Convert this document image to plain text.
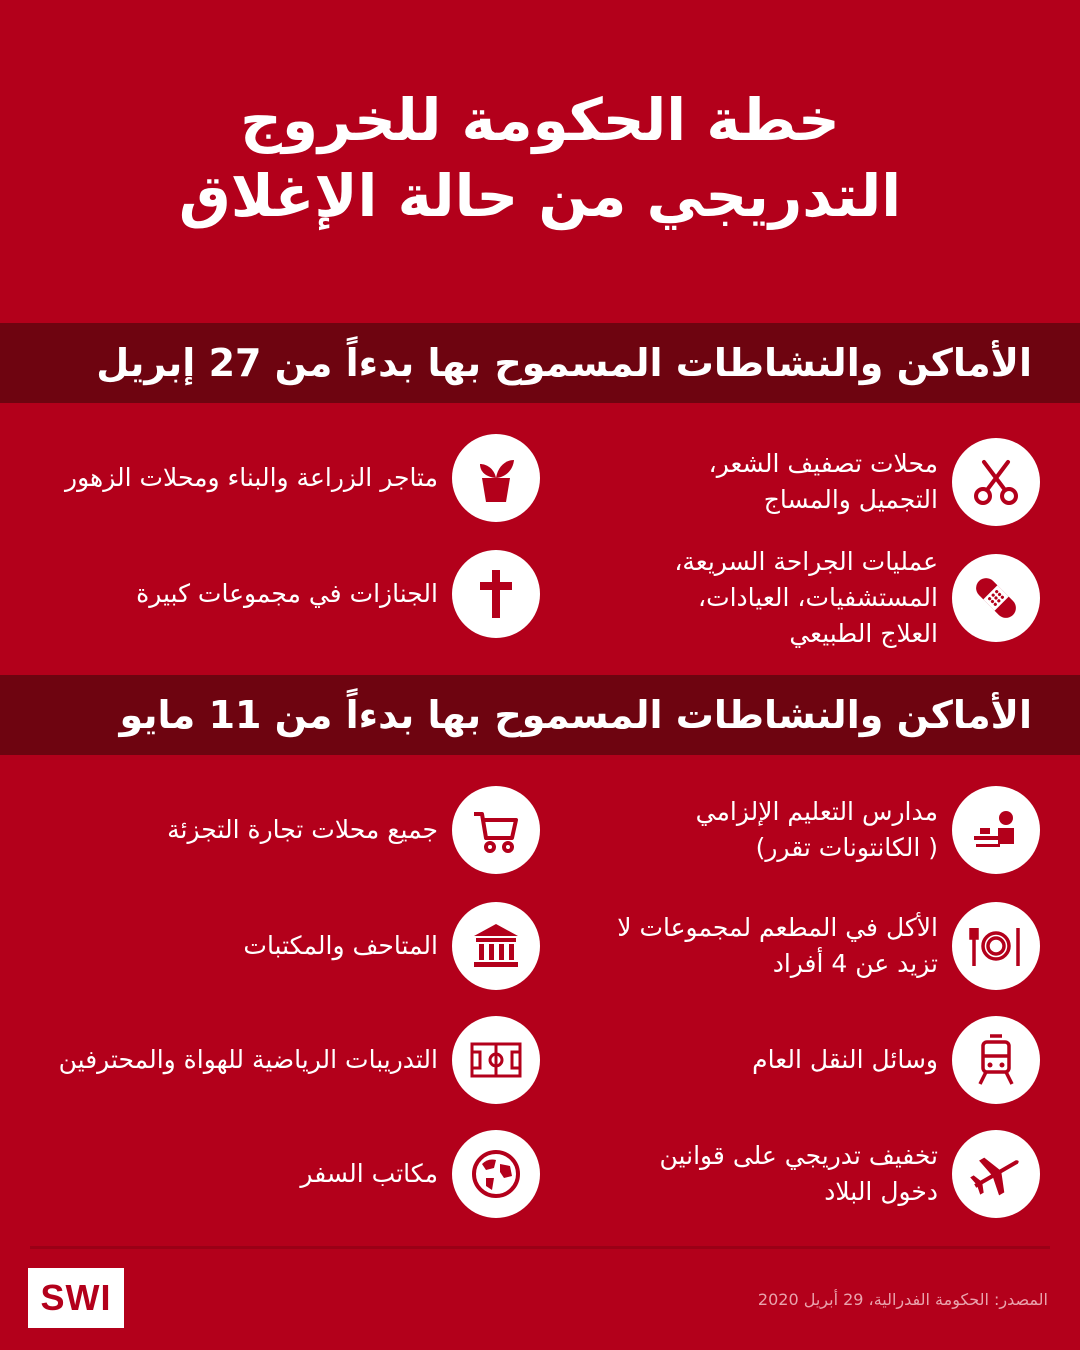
خطة الحكومة للخروج
التدريجي من حالة الإغلاق
الأماكن والنشاطات المسموح بها بدءاً من 27 إبريل
محلات تصفيف الشعر،
التجميل والمساج
متاجر الزراعة والبناء ومحلات الزهور
عمليات الجراحة السريعة،
المستشفيات، العيادات،
العلاج الطبيعي
الجنازات في مجموعات كبيرة
الأماكن والنشاطات المسموح بها بدءاً من 11 مايو
مدارس التعليم الإلزامي
( الكانتونات تقرر)
جميع محلات تجارة التجزئة
الأكل في المطعم لمجموعات لا
تزيد عن 4 أفراد
المتاحف والمكتبات
وسائل النقل العام
التدريبات الرياضية للهواة والمحترفين
تخفيف تدريجي على قوانين
دخول البلاد
مكاتب السفر
SWI	المصدر: الحكومة الفدرالية، 29 أبريل 2020
